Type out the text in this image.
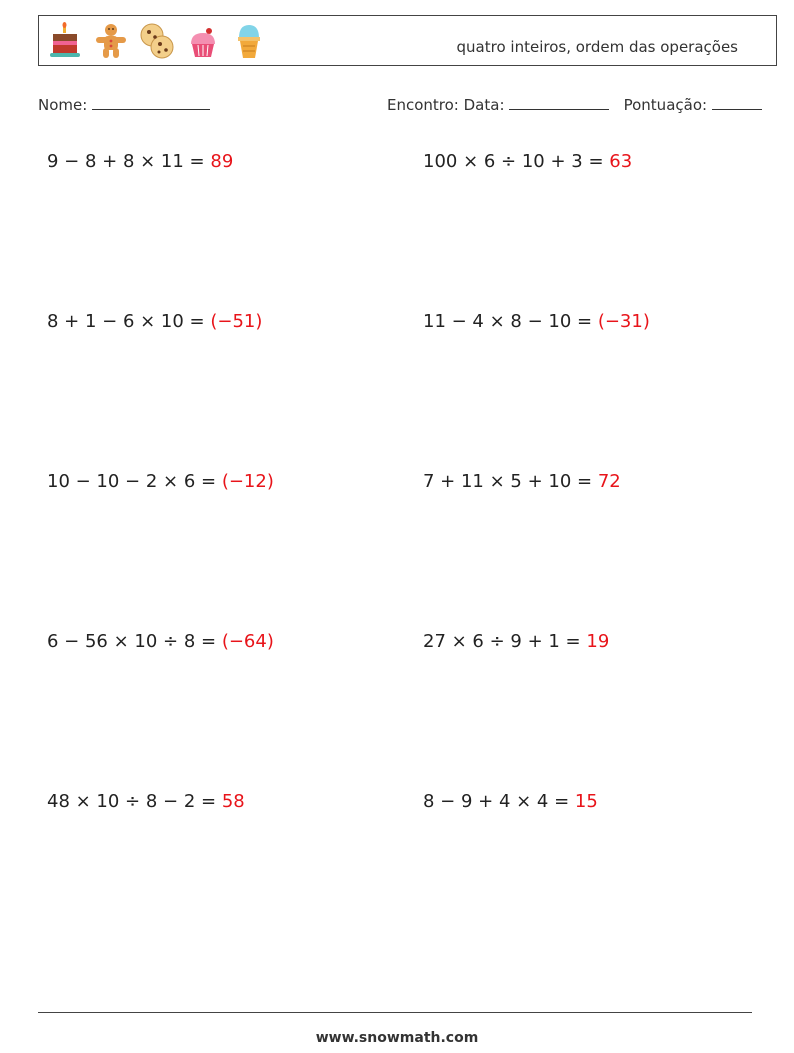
quatro inteiros, ordem das operações
Nome:	Encontro: Data:	Pontuação:
9 − 8 + 8 × 11 = 89	100 × 6 ÷ 10 + 3 = 63
8 + 1 − 6 × 10 = (−51)	11 − 4 × 8 − 10 = (−31)
10 − 10 − 2 × 6 = (−12)	7 + 11 × 5 + 10 = 72
6 − 56 × 10 ÷ 8 = (−64)	27 × 6 ÷ 9 + 1 = 19
48 × 10 ÷ 8 − 2 = 58	8 − 9 + 4 × 4 = 15
www.snowmath.com
